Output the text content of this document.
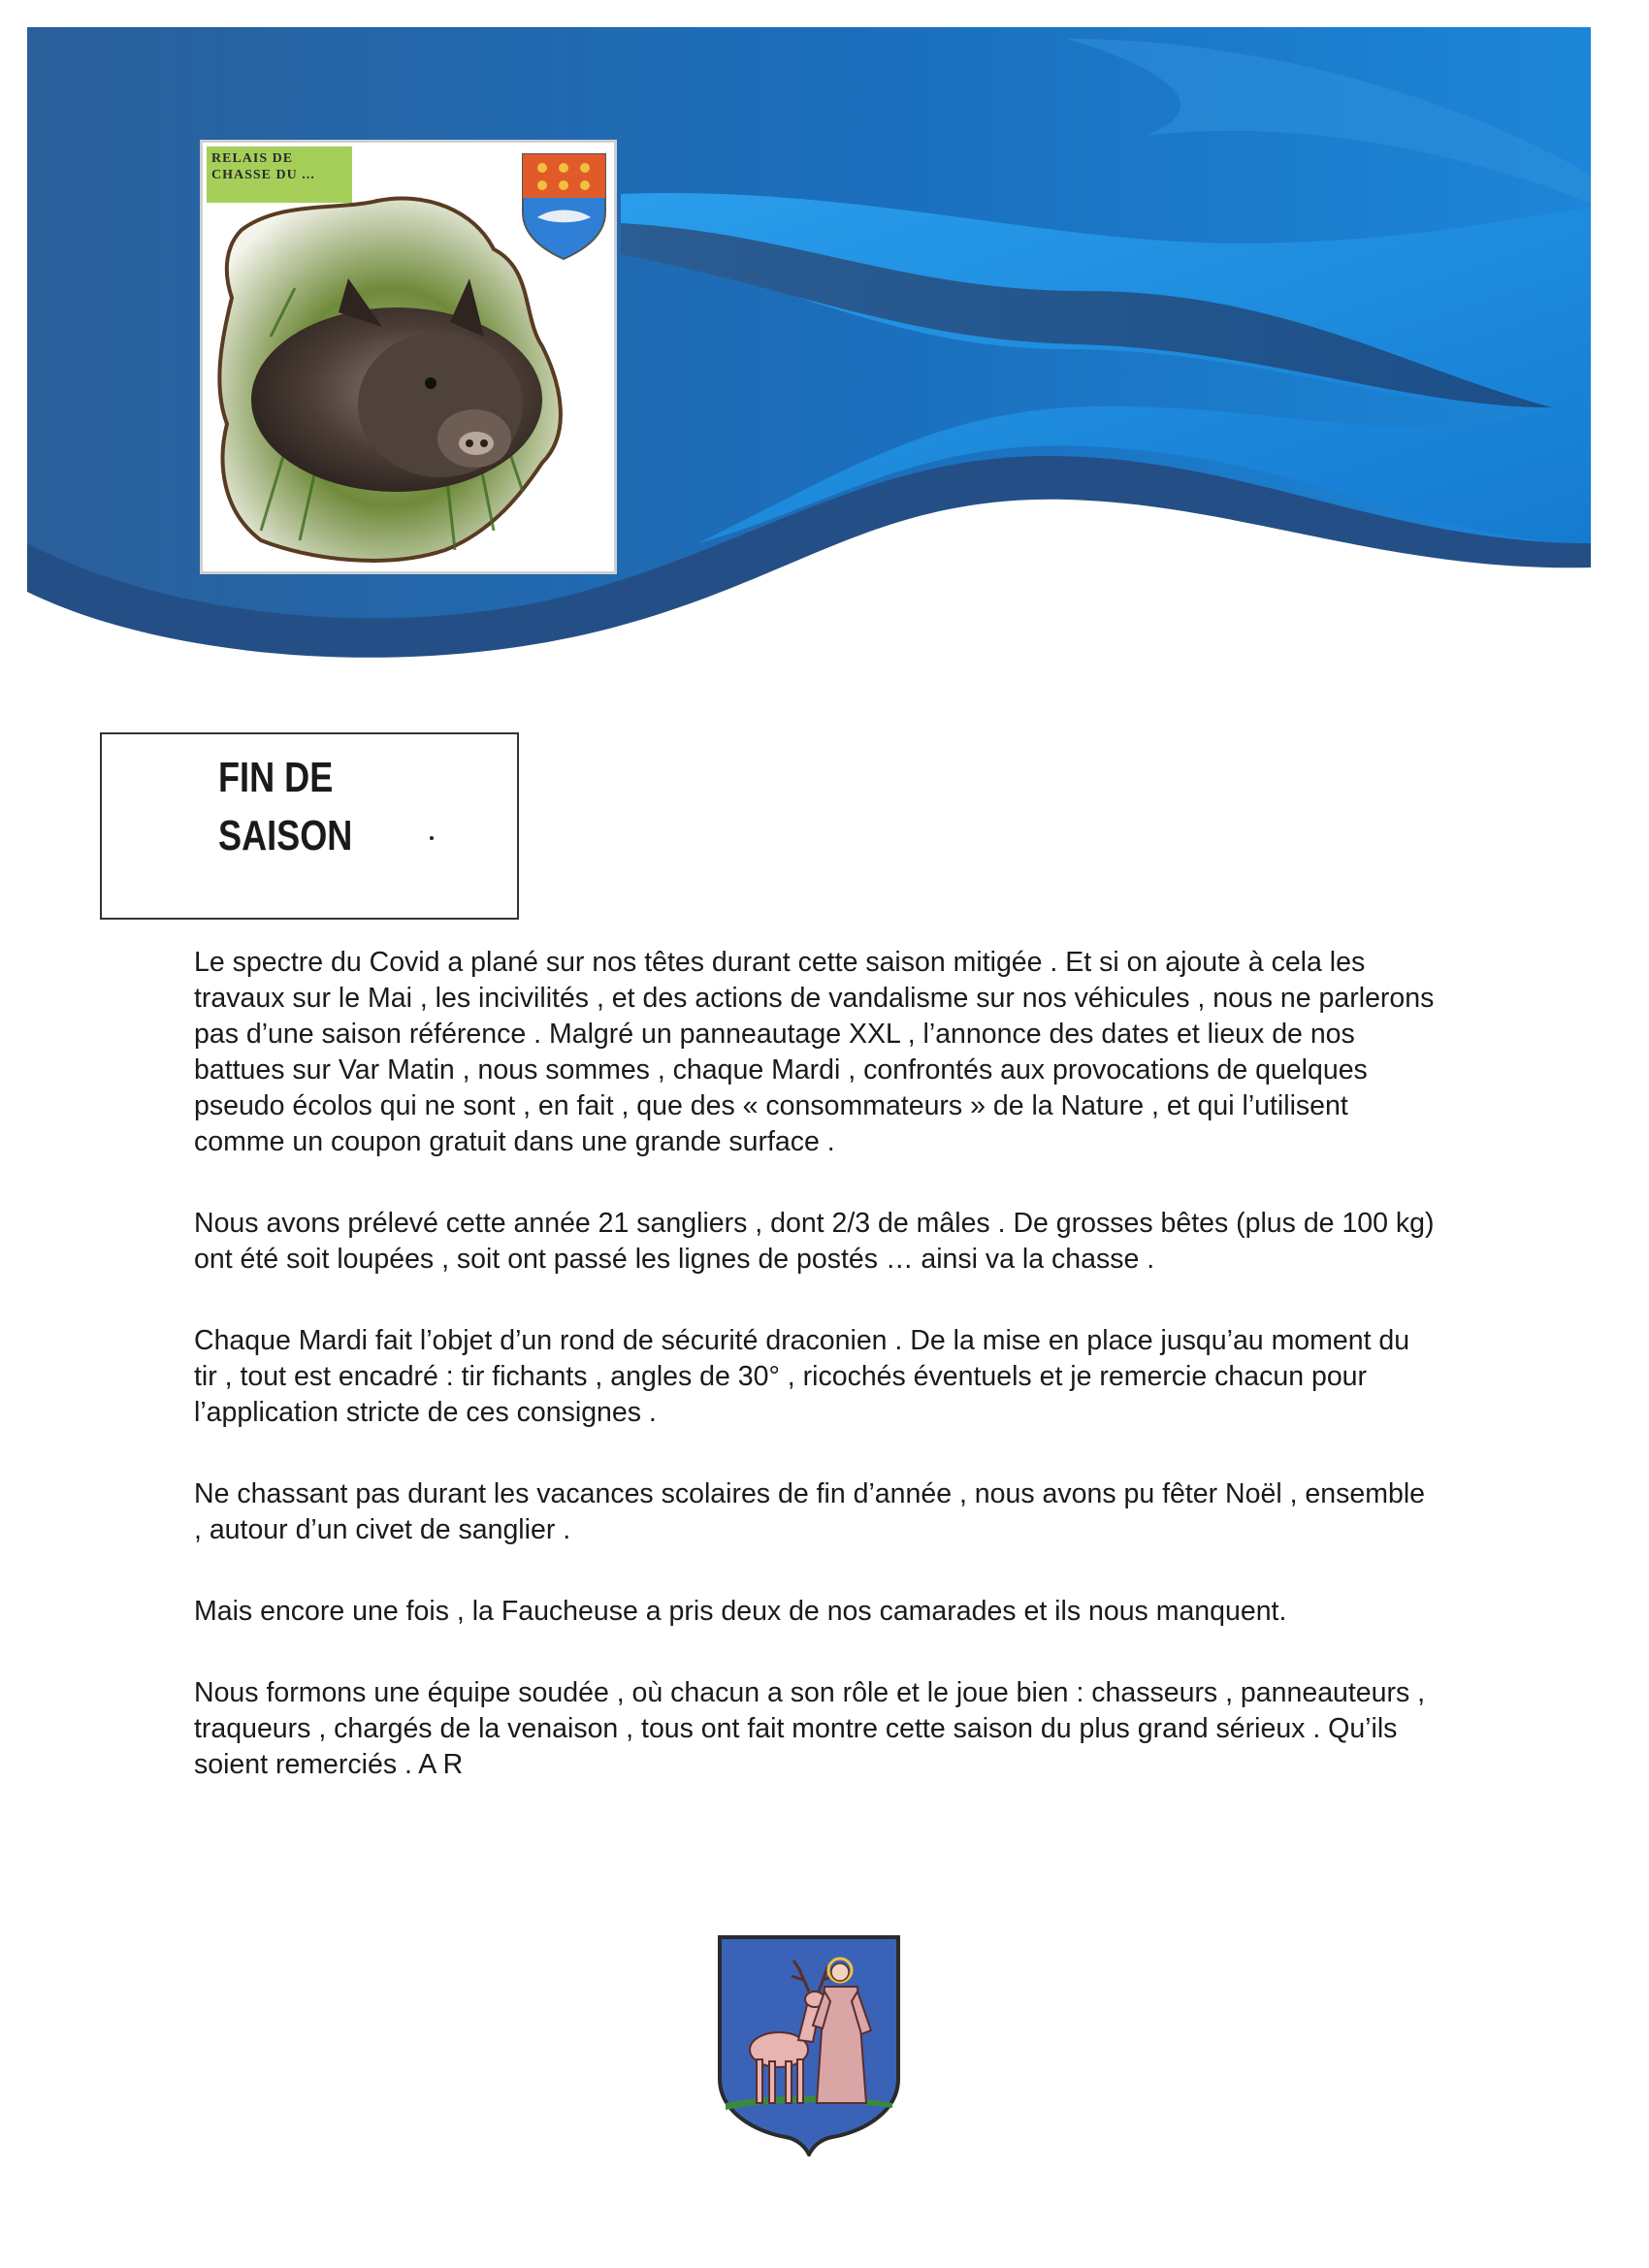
RELAIS DE CHASSE DU ...
FIN DE
SAISON

Le spectre du Covid a plané sur nos têtes durant cette saison mitigée . Et si on ajoute à cela les travaux sur le Mai , les incivilités , et des actions de vandalisme sur nos véhicules , nous ne parlerons pas d’une saison référence . Malgré un panneautage XXL , l’annonce des dates et lieux de nos battues sur Var Matin , nous sommes , chaque Mardi , confrontés aux provocations de quelques pseudo écolos qui ne sont , en fait , que des « consommateurs » de la Nature , et qui l’utilisent comme un coupon gratuit dans une grande surface .

Nous avons prélevé cette année 21 sangliers , dont 2/3 de mâles . De grosses bêtes (plus de 100 kg) ont été soit loupées , soit ont passé les lignes de postés … ainsi va la chasse .

Chaque Mardi fait l’objet d’un rond de sécurité draconien . De la mise en place jusqu’au moment du tir , tout est encadré : tir fichants , angles de 30° , ricochés éventuels et je remercie chacun pour l’application stricte de ces consignes .

Ne chassant pas durant les vacances scolaires de fin d’année , nous avons pu fêter Noël , ensemble , autour d’un civet de sanglier .

Mais encore une fois , la Faucheuse a pris deux de nos camarades et ils nous manquent.

Nous formons une équipe soudée , où chacun a son rôle et le joue bien : chasseurs , panneauteurs , traqueurs , chargés de la venaison , tous ont fait montre cette saison du plus grand sérieux . Qu’ils soient remerciés . A R
